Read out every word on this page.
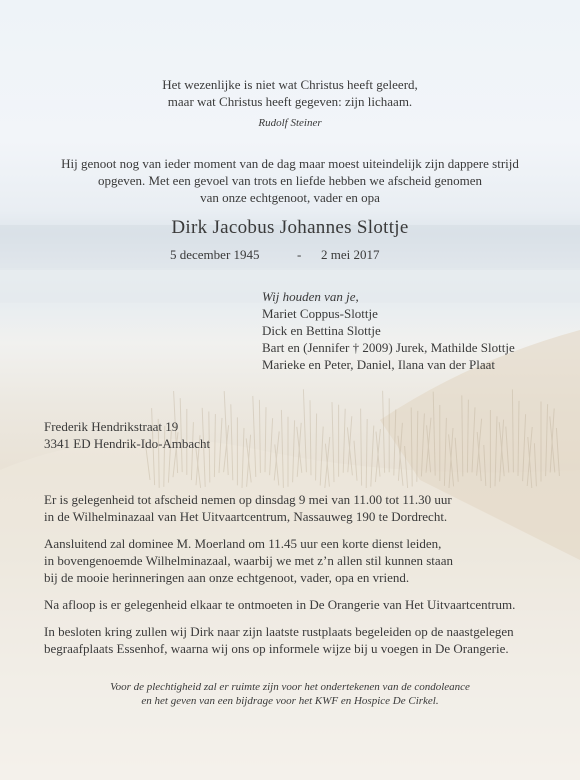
Het wezenlijke is niet wat Christus heeft geleerd,
maar wat Christus heeft gegeven: zijn lichaam.
Rudolf Steiner
Hij genoot nog van ieder moment van de dag maar moest uiteindelijk zijn dappere strijd
opgeven. Met een gevoel van trots en liefde hebben we afscheid genomen
van onze echtgenoot, vader en opa
Dirk Jacobus Johannes Slottje
5 december 1945	- 2 mei 2017
Wij houden van je,
Mariet Coppus-Slottje
Dick en Bettina Slottje
Bart en (Jennifer † 2009) Jurek, Mathilde Slottje
Marieke en Peter, Daniel, Ilana van der Plaat
Frederik Hendrikstraat 19
3341 ED Hendrik-Ido-Ambacht
Er is gelegenheid tot afscheid nemen op dinsdag 9 mei van 11.00 tot 11.30 uur
in de Wilhelminazaal van Het Uitvaartcentrum, Nassauweg 190 te Dordrecht.
Aansluitend zal dominee M. Moerland om 11.45 uur een korte dienst leiden,
in bovengenoemde Wilhelminazaal, waarbij we met z’n allen stil kunnen staan
bij de mooie herinneringen aan onze echtgenoot, vader, opa en vriend.
Na afloop is er gelegenheid elkaar te ontmoeten in De Orangerie van Het Uitvaartcentrum.
In besloten kring zullen wij Dirk naar zijn laatste rustplaats begeleiden op de naastgelegen
begraafplaats Essenhof, waarna wij ons op informele wijze bij u voegen in De Orangerie.
Voor de plechtigheid zal er ruimte zijn voor het ondertekenen van de condoleance
en het geven van een bijdrage voor het KWF en Hospice De Cirkel.
